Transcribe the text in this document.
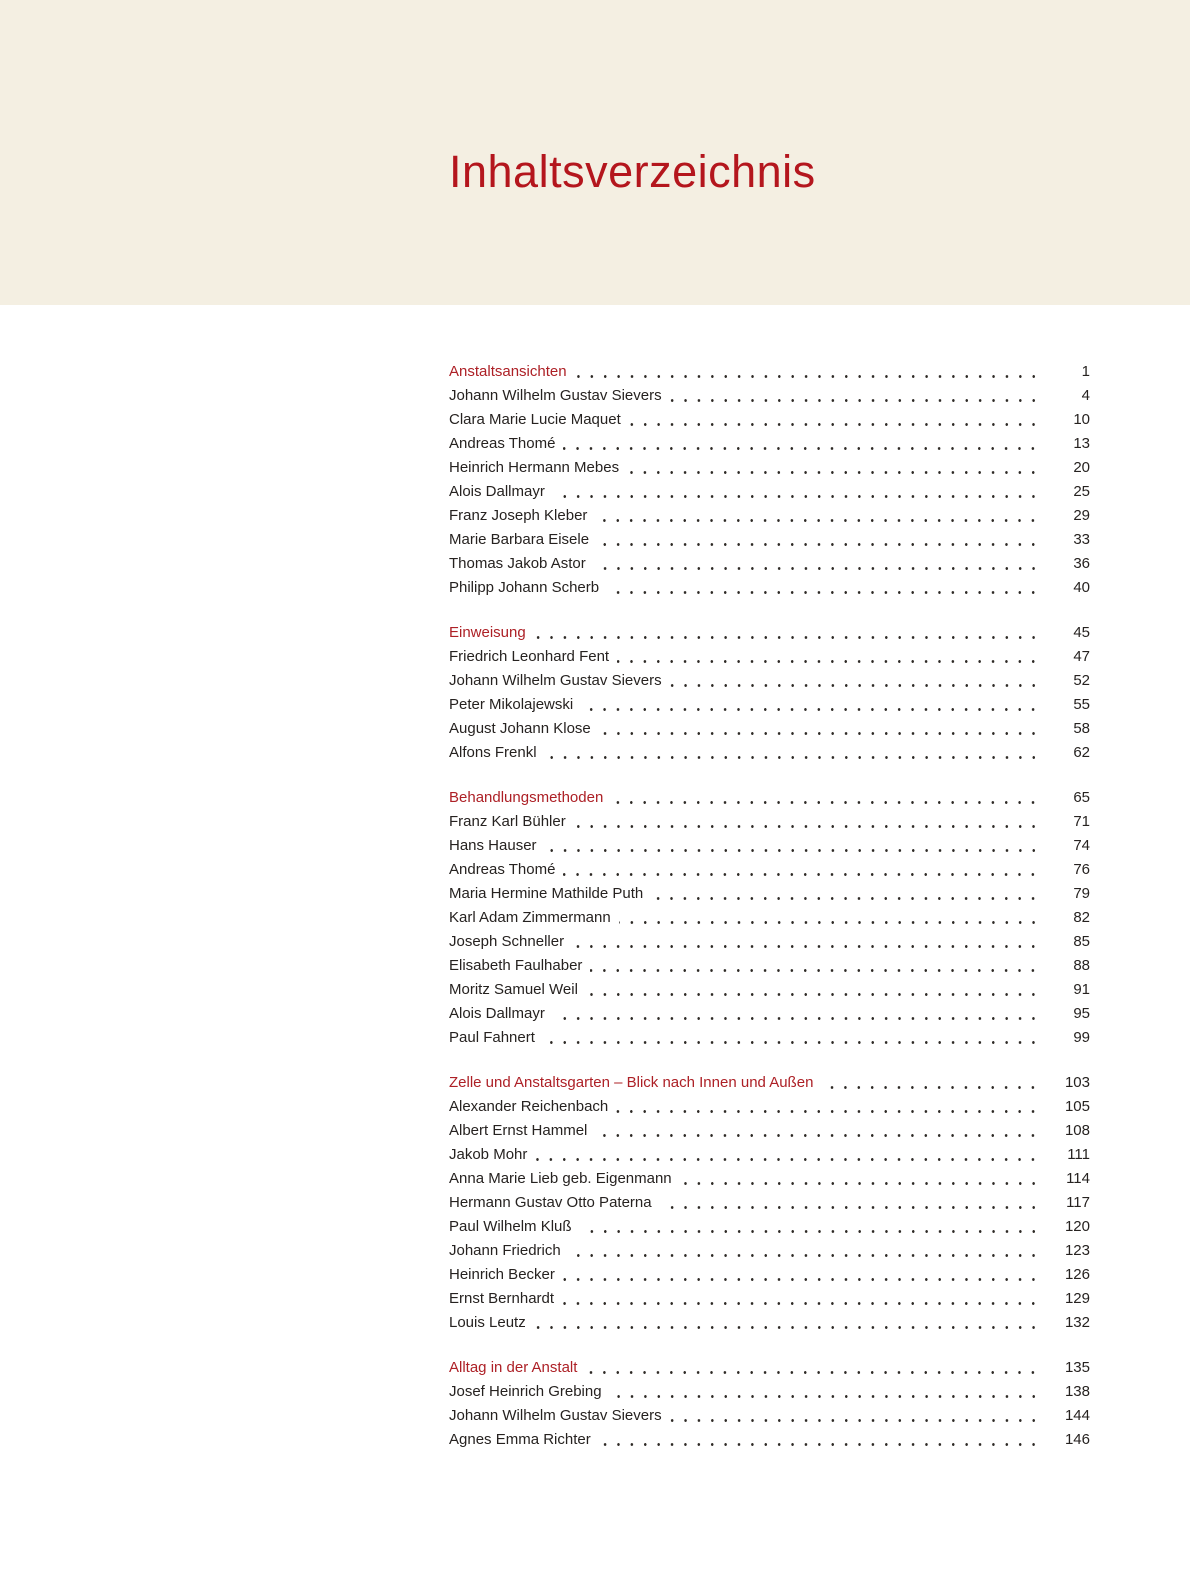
Inhaltsverzeichnis
Anstaltsansichten	1
Johann Wilhelm Gustav Sievers	4
Clara Marie Lucie Maquet	10
Andreas Thomé	13
Heinrich Hermann Mebes	20
Alois Dallmayr	25
Franz Joseph Kleber	29
Marie Barbara Eisele	33
Thomas Jakob Astor	36
Philipp Johann Scherb	40
Einweisung	45
Friedrich Leonhard Fent	47
Johann Wilhelm Gustav Sievers	52
Peter Mikolajewski	55
August Johann Klose	58
Alfons Frenkl	62
Behandlungsmethoden	65
Franz Karl Bühler	71
Hans Hauser	74
Andreas Thomé	76
Maria Hermine Mathilde Puth	79
Karl Adam Zimmermann	82
Joseph Schneller	85
Elisabeth Faulhaber	88
Moritz Samuel Weil	91
Alois Dallmayr	95
Paul Fahnert	99
Zelle und Anstaltsgarten – Blick nach Innen und Außen	103
Alexander Reichenbach	105
Albert Ernst Hammel	108
Jakob Mohr	111
Anna Marie Lieb geb. Eigenmann	114
Hermann Gustav Otto Paterna	117
Paul Wilhelm Kluß	120
Johann Friedrich	123
Heinrich Becker	126
Ernst Bernhardt	129
Louis Leutz	132
Alltag in der Anstalt	135
Josef Heinrich Grebing	138
Johann Wilhelm Gustav Sievers	144
Agnes Emma Richter	146
